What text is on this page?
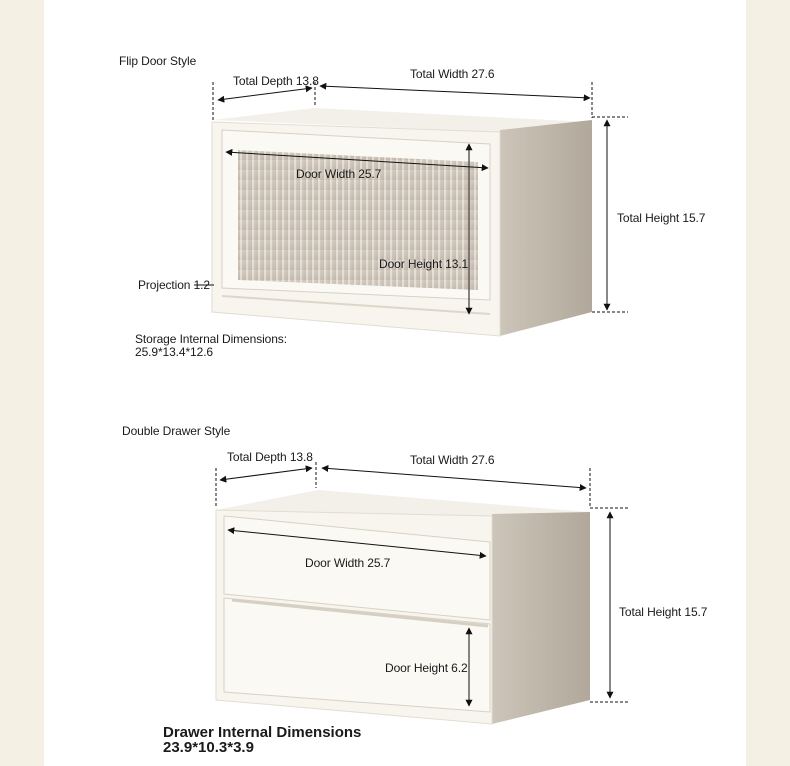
Flip Door Style
Total Depth 13.8	Total Width 27.6
Door Width 25.7
Total Height 15.7
Door Height 13.1
Projection 1.2
Storage Internal Dimensions:
25.9*13.4*12.6
Double Drawer Style
Total Depth 13.8	Total Width 27.6
Door Width 25.7
Total Height 15.7
Door Height 6.2
Drawer Internal Dimensions
23.9*10.3*3.9
